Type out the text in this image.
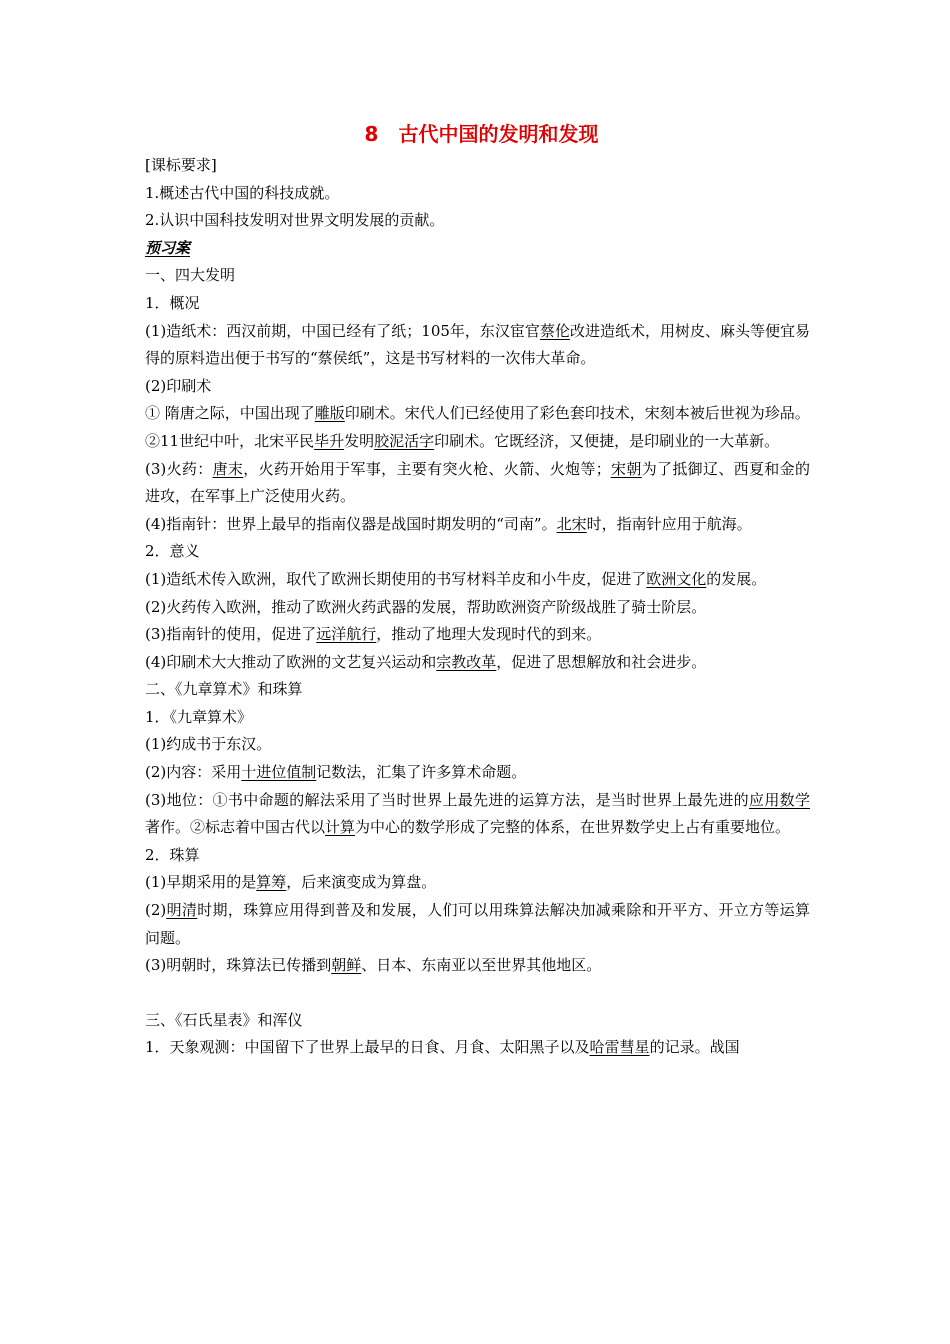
8　古代中国的发明和发现

[课标要求]

1.概述古代中国的科技成就。

2.认识中国科技发明对世界文明发展的贡献。

预习案

一、四大发明

1．概况

(1)造纸术：西汉前期，中国已经有了纸；105年，东汉宦官蔡伦改进造纸术，用树皮、麻头等便宜易得的原料造出便于书写的“蔡侯纸”，这是书写材料的一次伟大革命。

(2)印刷术

① 隋唐之际，中国出现了雕版印刷术。宋代人们已经使用了彩色套印技术，宋刻本被后世视为珍品。

②11世纪中叶，北宋平民毕升发明胶泥活字印刷术。它既经济，又便捷，是印刷业的一大革新。

(3)火药：唐末，火药开始用于军事，主要有突火枪、火箭、火炮等；宋朝为了抵御辽、西夏和金的进攻，在军事上广泛使用火药。

(4)指南针：世界上最早的指南仪器是战国时期发明的“司南”。北宋时，指南针应用于航海。

2．意义

(1)造纸术传入欧洲，取代了欧洲长期使用的书写材料羊皮和小牛皮，促进了欧洲文化的发展。

(2)火药传入欧洲，推动了欧洲火药武器的发展，帮助欧洲资产阶级战胜了骑士阶层。

(3)指南针的使用，促进了远洋航行，推动了地理大发现时代的到来。

(4)印刷术大大推动了欧洲的文艺复兴运动和宗教改革，促进了思想解放和社会进步。

二、《九章算术》和珠算

1．《九章算术》

(1)约成书于东汉。

(2)内容：采用十进位值制记数法，汇集了许多算术命题。

(3)地位：①书中命题的解法采用了当时世界上最先进的运算方法，是当时世界上最先进的应用数学著作。②标志着中国古代以计算为中心的数学形成了完整的体系，在世界数学史上占有重要地位。

2．珠算

(1)早期采用的是算筹，后来演变成为算盘。

(2)明清时期，珠算应用得到普及和发展，人们可以用珠算法解决加减乘除和开平方、开立方等运算问题。

(3)明朝时，珠算法已传播到朝鲜、日本、东南亚以至世界其他地区。

三、《石氏星表》和浑仪

1．天象观测：中国留下了世界上最早的日食、月食、太阳黑子以及哈雷彗星的记录。战国
